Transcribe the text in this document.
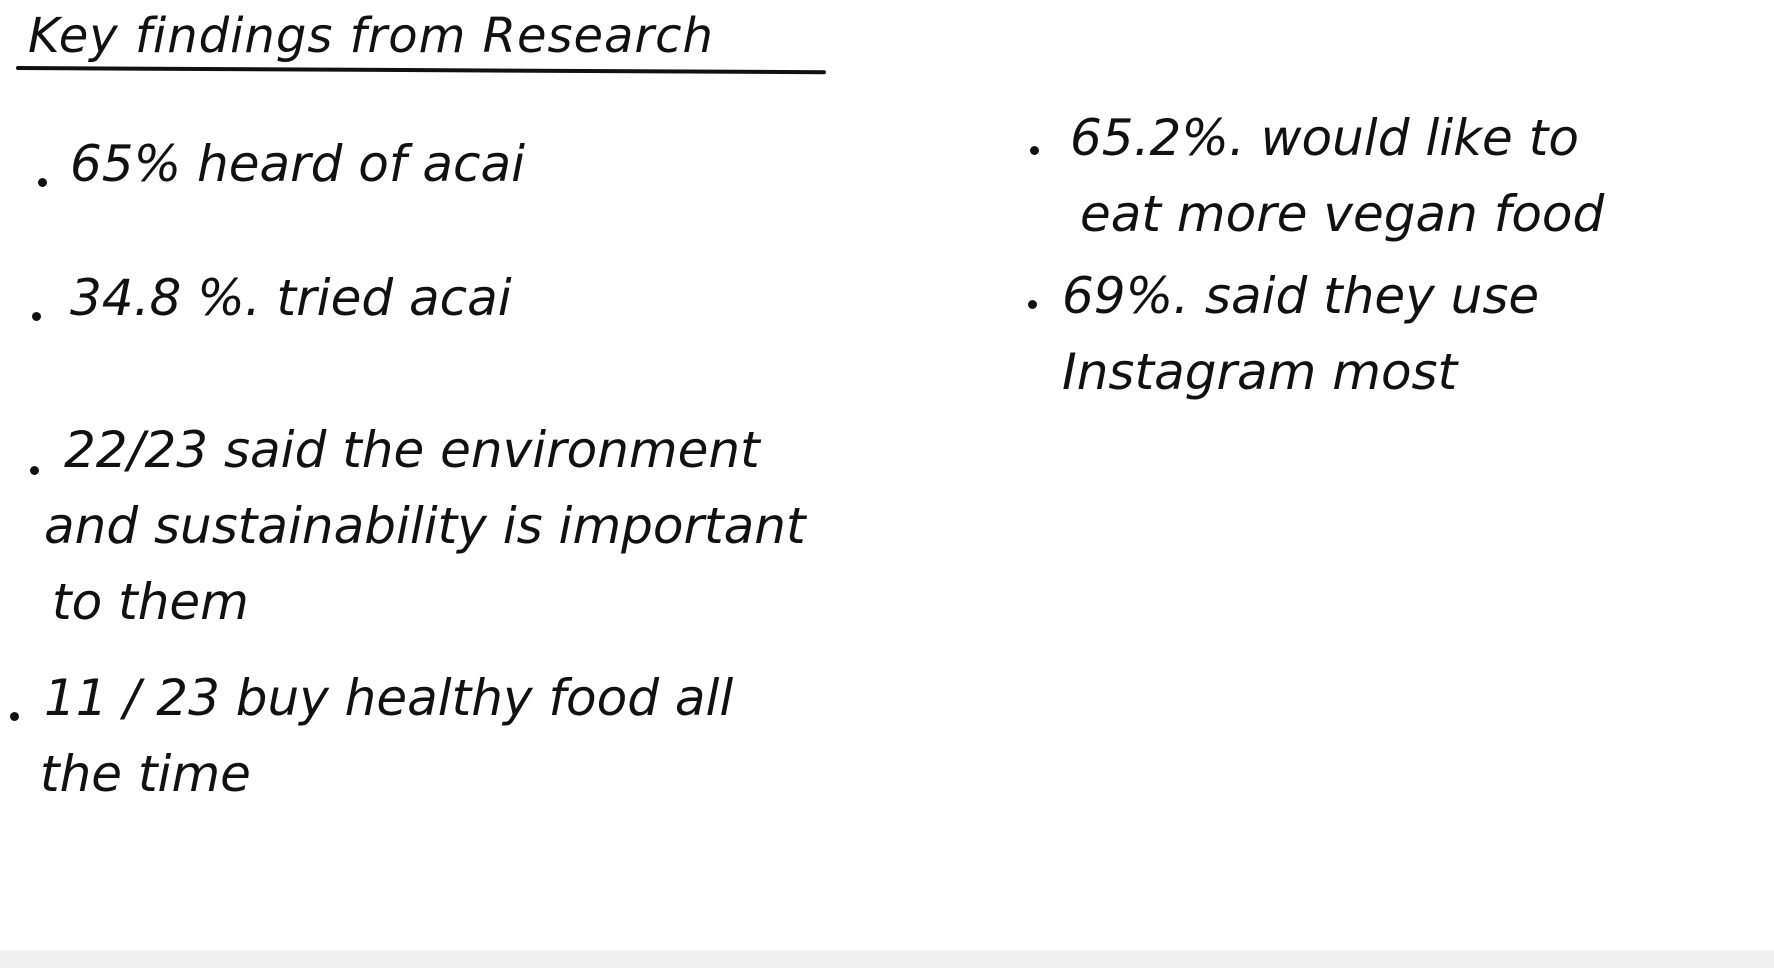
Key findings from Research
65% heard of acai
34.8 %. tried acai
22/23 said the environment
and sustainability is important
to them
11 / 23 buy healthy food all
the time
65.2%. would like to
eat more vegan food
69%. said they use
Instagram most
